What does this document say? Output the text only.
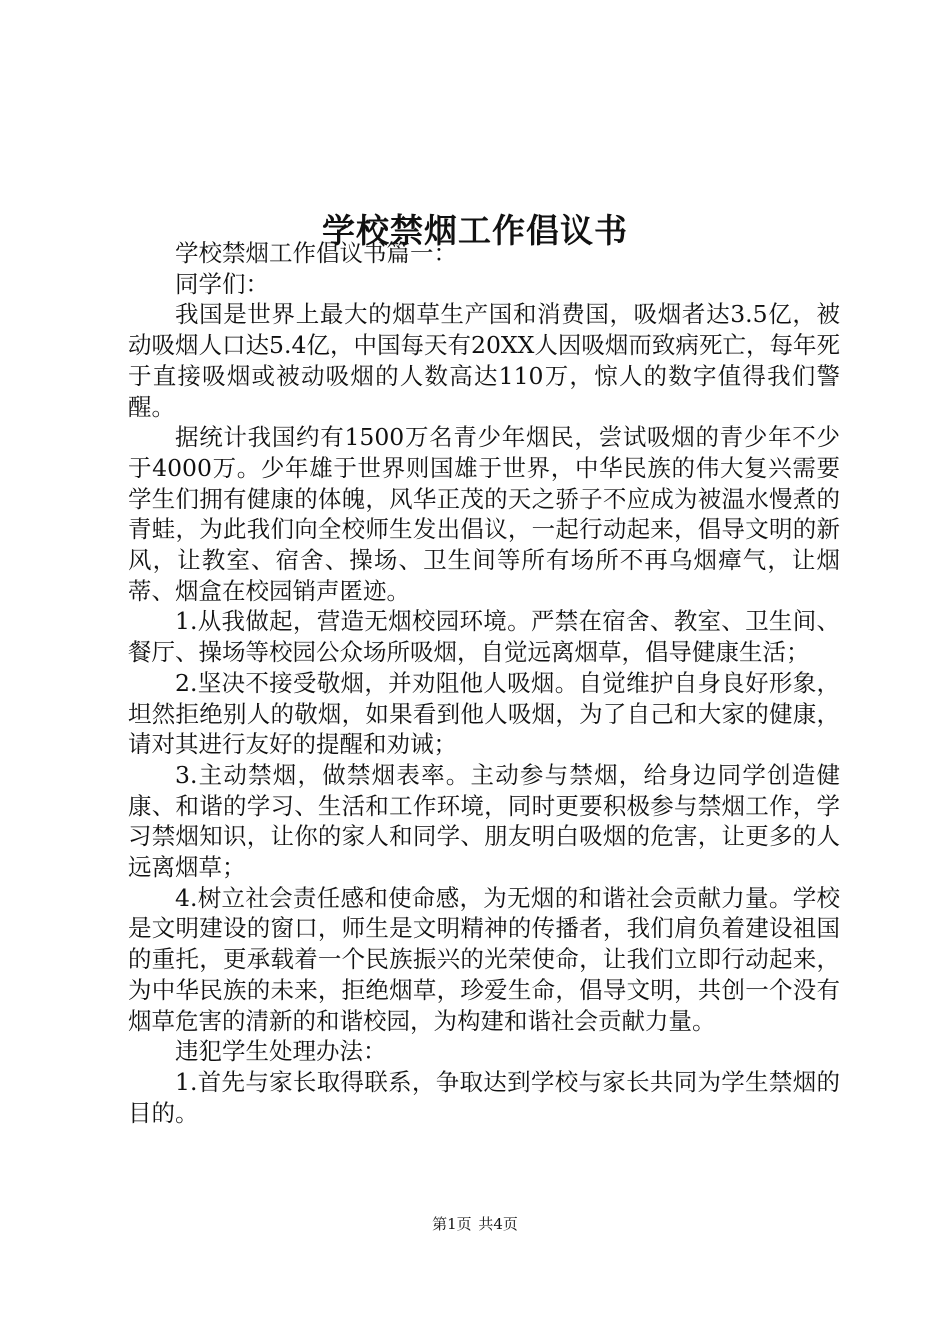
学校禁烟工作倡议书

学校禁烟工作倡议书篇一：

同学们：

我国是世界上最大的烟草生产国和消费国，吸烟者达3.5亿，被动吸烟人口达5.4亿，中国每天有20XX人因吸烟而致病死亡，每年死于直接吸烟或被动吸烟的人数高达110万，惊人的数字值得我们警醒。

据统计我国约有1500万名青少年烟民，尝试吸烟的青少年不少于4000万。少年雄于世界则国雄于世界，中华民族的伟大复兴需要学生们拥有健康的体魄，风华正茂的天之骄子不应成为被温水慢煮的青蛙，为此我们向全校师生发出倡议，一起行动起来，倡导文明的新风，让教室、宿舍、操场、卫生间等所有场所不再乌烟瘴气，让烟蒂、烟盒在校园销声匿迹。

1.从我做起，营造无烟校园环境。严禁在宿舍、教室、卫生间、餐厅、操场等校园公众场所吸烟，自觉远离烟草，倡导健康生活；

2.坚决不接受敬烟，并劝阻他人吸烟。自觉维护自身良好形象，坦然拒绝别人的敬烟，如果看到他人吸烟，为了自己和大家的健康，请对其进行友好的提醒和劝诫；

3.主动禁烟，做禁烟表率。主动参与禁烟，给身边同学创造健康、和谐的学习、生活和工作环境，同时更要积极参与禁烟工作，学习禁烟知识，让你的家人和同学、朋友明白吸烟的危害，让更多的人远离烟草；

4.树立社会责任感和使命感，为无烟的和谐社会贡献力量。学校是文明建设的窗口，师生是文明精神的传播者，我们肩负着建设祖国的重托，更承载着一个民族振兴的光荣使命，让我们立即行动起来，为中华民族的未来，拒绝烟草，珍爱生命，倡导文明，共创一个没有烟草危害的清新的和谐校园，为构建和谐社会贡献力量。

违犯学生处理办法：

1.首先与家长取得联系，争取达到学校与家长共同为学生禁烟的目的。

第1页 共4页
